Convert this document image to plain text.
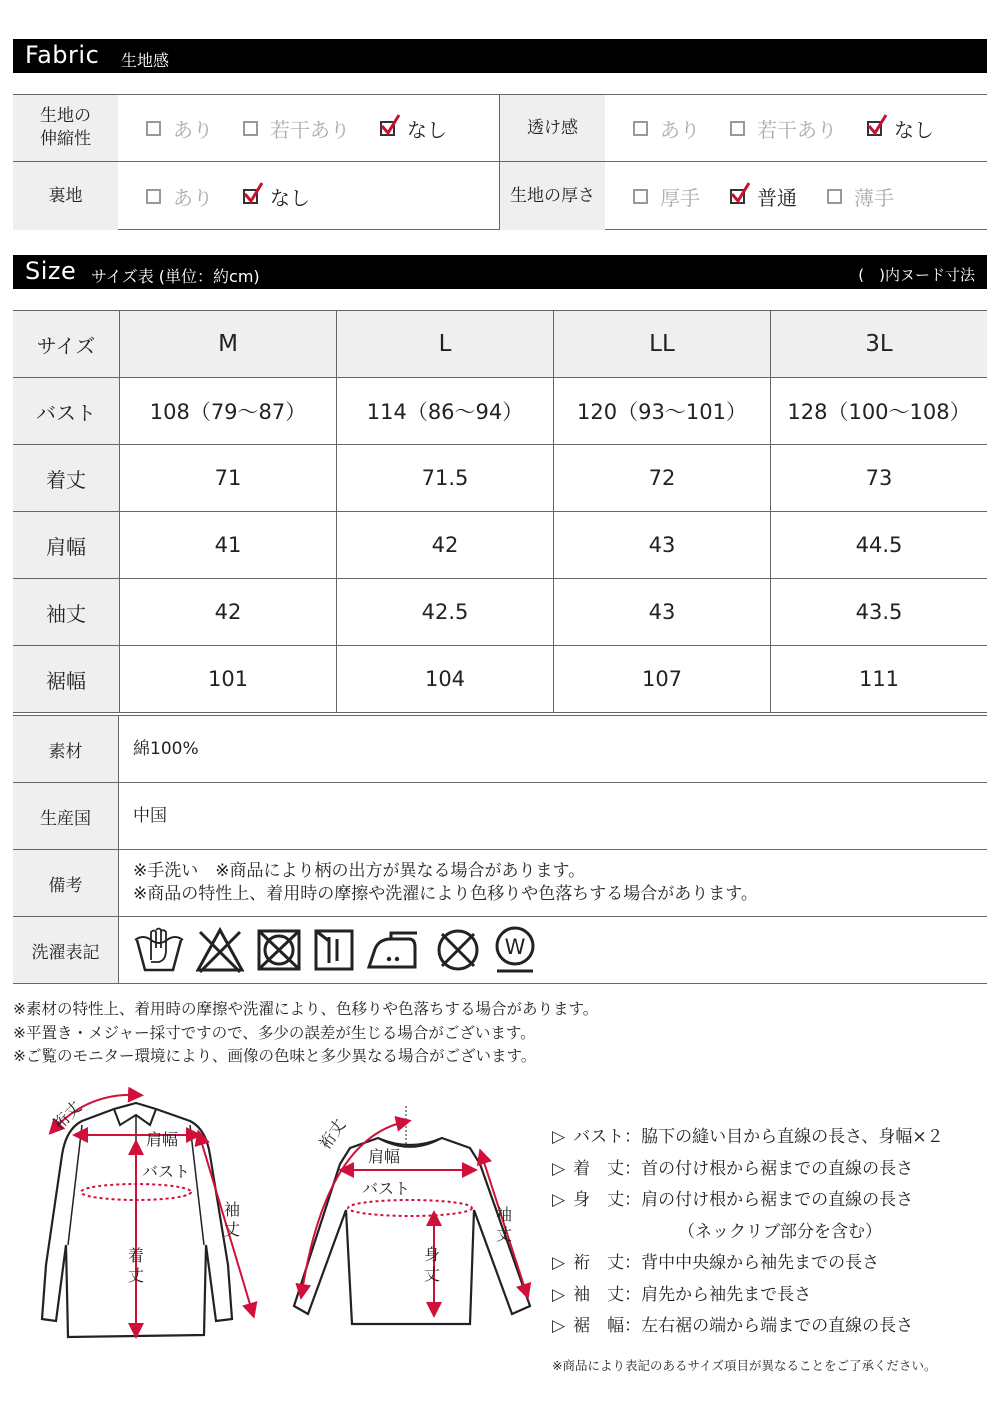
Fabric 生地感
生地の
伸縮性	あり	若干あり	なし	透け感	あり	若干あり	なし
裏地	あり	なし	生地の厚さ	厚手	普通	薄手
Size サイズ表 (単位：約cm)	(　)内ヌード寸法
サイズ	M	L	LL	3L
バスト	108（79〜87）	114（86〜94）	120（93〜101）	128（100〜108）
着丈	71	71.5	72	73
肩幅	41	42	43	44.5
袖丈	42	42.5	43	43.5
裾幅	101	104	107	111
素材	綿100%
生産国	中国
備考
※手洗い　※商品により柄の出方が異なる場合があります。
※商品の特性上、着用時の摩擦や洗濯により色移りや色落ちする場合があります。
洗濯表記	W
※素材の特性上、着用時の摩擦や洗濯により、色移りや色落ちする場合があります。
※平置き・メジャー採寸ですので、多少の誤差が生じる場合がございます。
※ご覧のモニター環境により、画像の色味と多少異なる場合がございます。
裄丈
肩幅
バスト
着丈
袖丈
裄丈
肩幅
バスト
身丈
袖丈
▷ バスト：脇下の縫い目から直線の長さ、身幅×２
▷ 着　丈：首の付け根から裾までの直線の長さ
▷ 身　丈：肩の付け根から裾までの直線の長さ
（ネックリブ部分を含む）
▷ 裄　丈：背中中央線から袖先までの長さ
▷ 袖　丈：肩先から袖先まで長さ
▷ 裾　幅：左右裾の端から端までの直線の長さ
※商品により表記のあるサイズ項目が異なることをご了承ください。
